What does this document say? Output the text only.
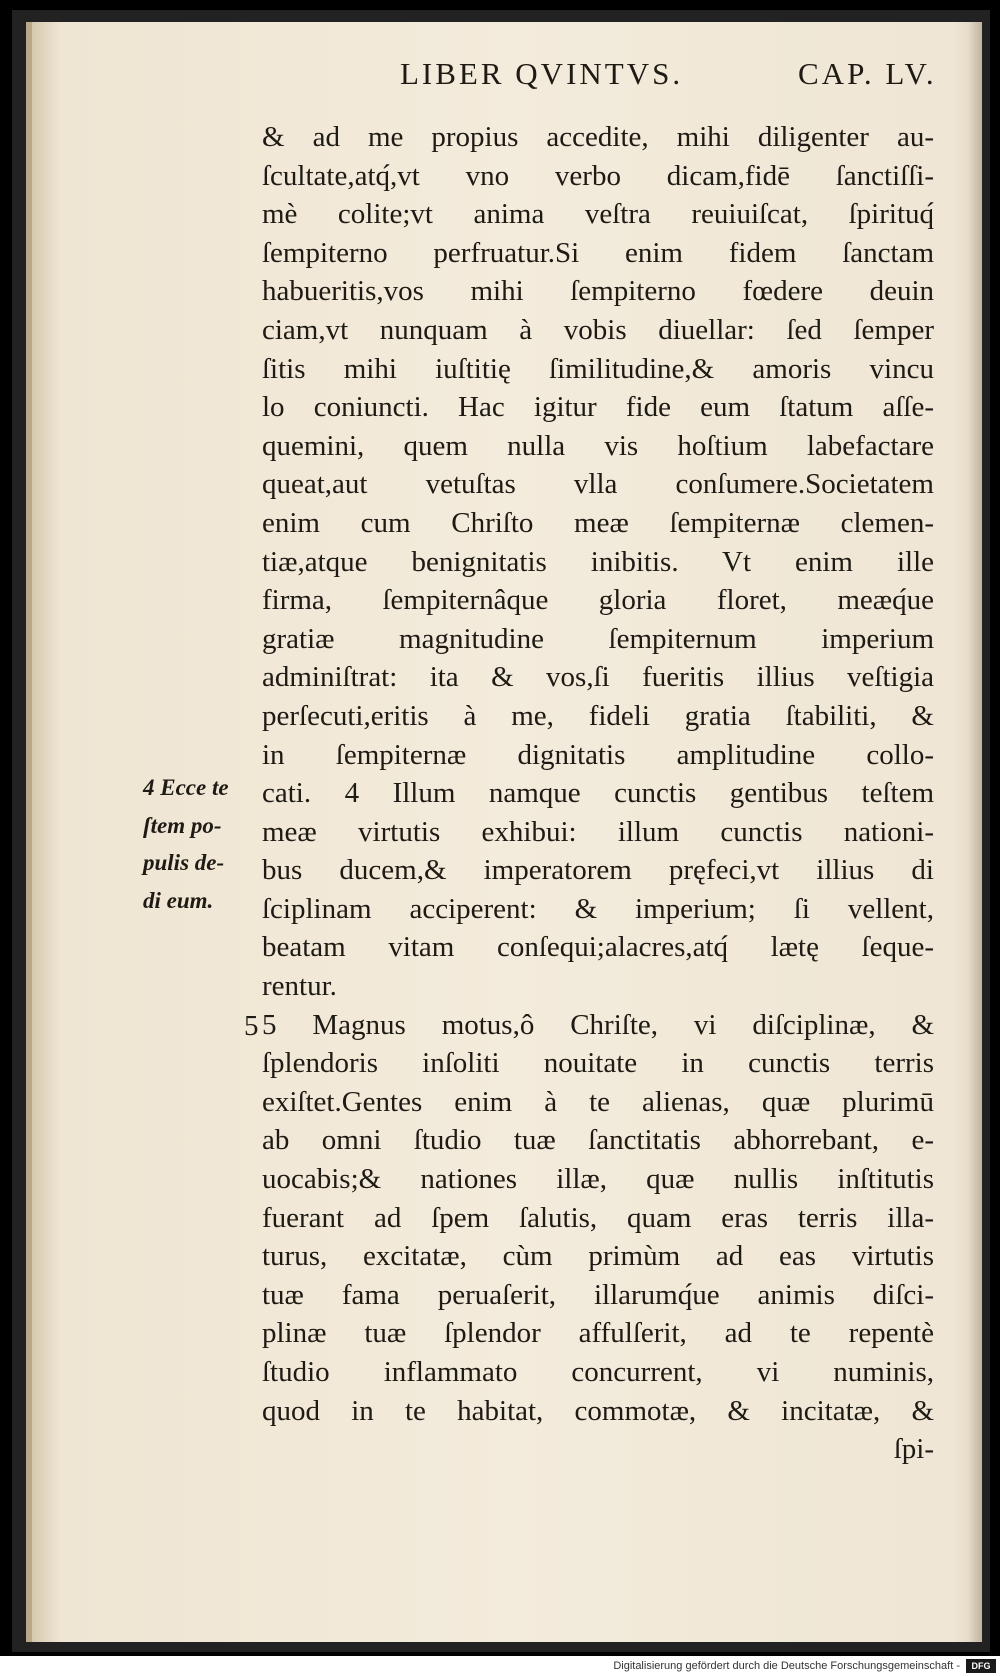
LIBER QVINTVS.	CAP. LV.
4 Ecce te
ſtem po-
pulis de-
di eum.
5
& ad me propius accedite, mihi diligenter au-
ſcultate,atq́,vt vno verbo dicam,fidē ſanctiſſi-
mè colite;vt anima veſtra reuiuiſcat, ſpirituq́
ſempiterno perfruatur.Si enim fidem ſanctam
habueritis,vos mihi ſempiterno fœdere deuin
ciam,vt nunquam à vobis diuellar: ſed ſemper
ſitis mihi iuſtitię ſimilitudine,& amoris vincu
lo coniuncti. Hac igitur fide eum ſtatum aſſe-
quemini, quem nulla vis hoſtium labefactare
queat,aut vetuſtas vlla conſumere.Societatem
enim cum Chriſto meæ ſempiternæ clemen-
tiæ,atque benignitatis inibitis. Vt enim ille
firma, ſempiternâque gloria floret, meæq́ue
gratiæ magnitudine ſempiternum imperium
adminiſtrat: ita & vos,ſi fueritis illius veſtigia
perſecuti,eritis à me, fideli gratia ſtabiliti, &
in ſempiternæ dignitatis amplitudine collo-
cati. 4 Illum namque cunctis gentibus teſtem
meæ virtutis exhibui: illum cunctis nationi-
bus ducem,& imperatorem pręfeci,vt illius di
ſciplinam acciperent: & imperium; ſi vellent,
beatam vitam conſequi;alacres,atq́ lætę ſeque-
rentur.
5 Magnus motus,ô Chriſte, vi diſciplinæ, &
ſplendoris inſoliti nouitate in cunctis terris
exiſtet.Gentes enim à te alienas, quæ plurimū
ab omni ſtudio tuæ ſanctitatis abhorrebant, e-
uocabis;& nationes illæ, quæ nullis inſtitutis
fuerant ad ſpem ſalutis, quam eras terris illa-
turus, excitatæ, cùm primùm ad eas virtutis
tuæ fama peruaſerit, illarumq́ue animis diſci-
plinæ tuæ ſplendor affulſerit, ad te repentè
ſtudio inflammato concurrent, vi numinis,
quod in te habitat, commotæ, & incitatæ, &
ſpi-
Digitalisierung gefördert durch die Deutsche Forschungsgemeinschaft -	DFG
